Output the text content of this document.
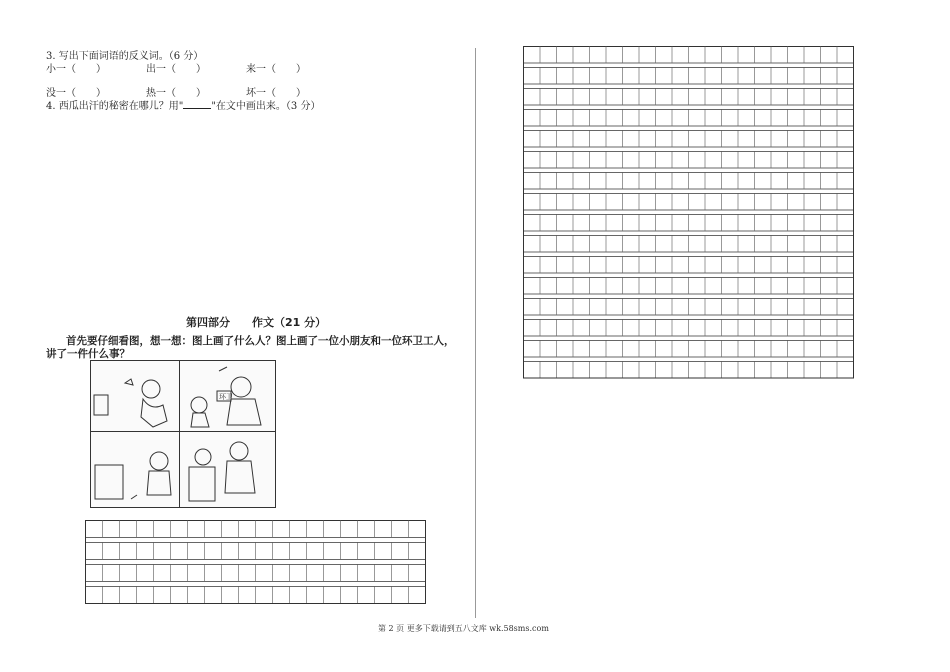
3. 写出下面词语的反义词。（6 分）
小一（　　）	出一（　　）	来一（　　）
没一（　　）	热一（　　）	坏一（　　）
4. 西瓜出汗的秘密在哪儿？用"	"在文中画出来。（3 分）
第四部分　　作文（21 分）
首先要仔细看图，想一想：图上画了什么人？图上画了一位小朋友和一位环卫工人，
讲了一件什么事？
环卫
第 2 页 更多下载请到五八文库 wk.58sms.com
